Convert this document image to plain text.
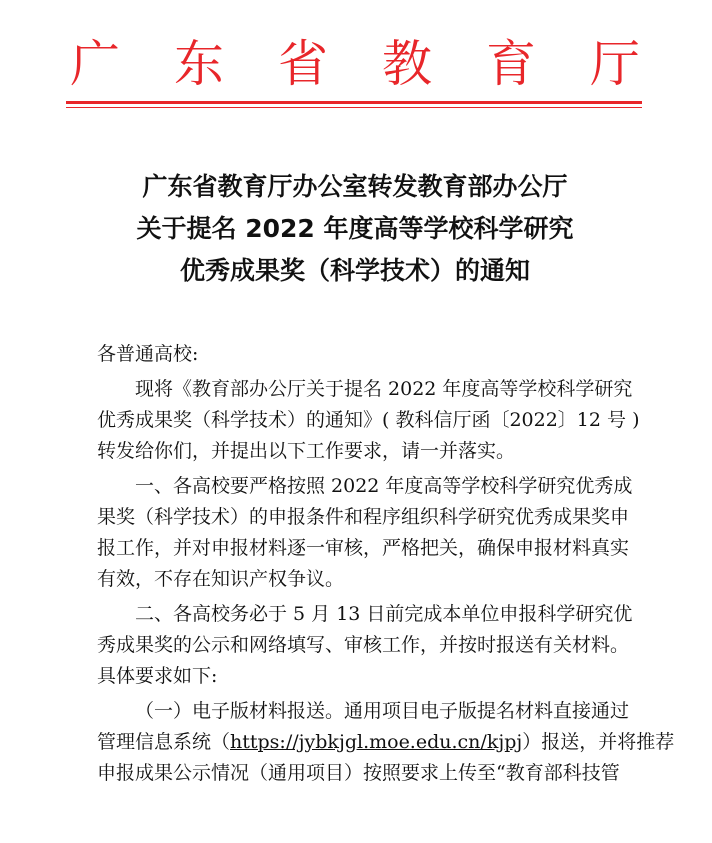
广 东 省 教 育 厅
广东省教育厅办公室转发教育部办公厅
关于提名 2022 年度高等学校科学研究
优秀成果奖（科学技术）的通知
各普通高校:
现将《教育部办公厅关于提名 2022 年度高等学校科学研究
优秀成果奖（科学技术）的通知》( 教科信厅函〔2022〕12 号 )
转发给你们，并提出以下工作要求，请一并落实。
一、各高校要严格按照 2022 年度高等学校科学研究优秀成
果奖（科学技术）的申报条件和程序组织科学研究优秀成果奖申
报工作，并对申报材料逐一审核，严格把关，确保申报材料真实
有效，不存在知识产权争议。
二、各高校务必于 5 月 13 日前完成本单位申报科学研究优
秀成果奖的公示和网络填写、审核工作，并按时报送有关材料。
具体要求如下:
（一）电子版材料报送。通用项目电子版提名材料直接通过
管理信息系统（https://jybkjgl.moe.edu.cn/kjpj）报送，并将推荐
申报成果公示情况（通用项目）按照要求上传至“教育部科技管
